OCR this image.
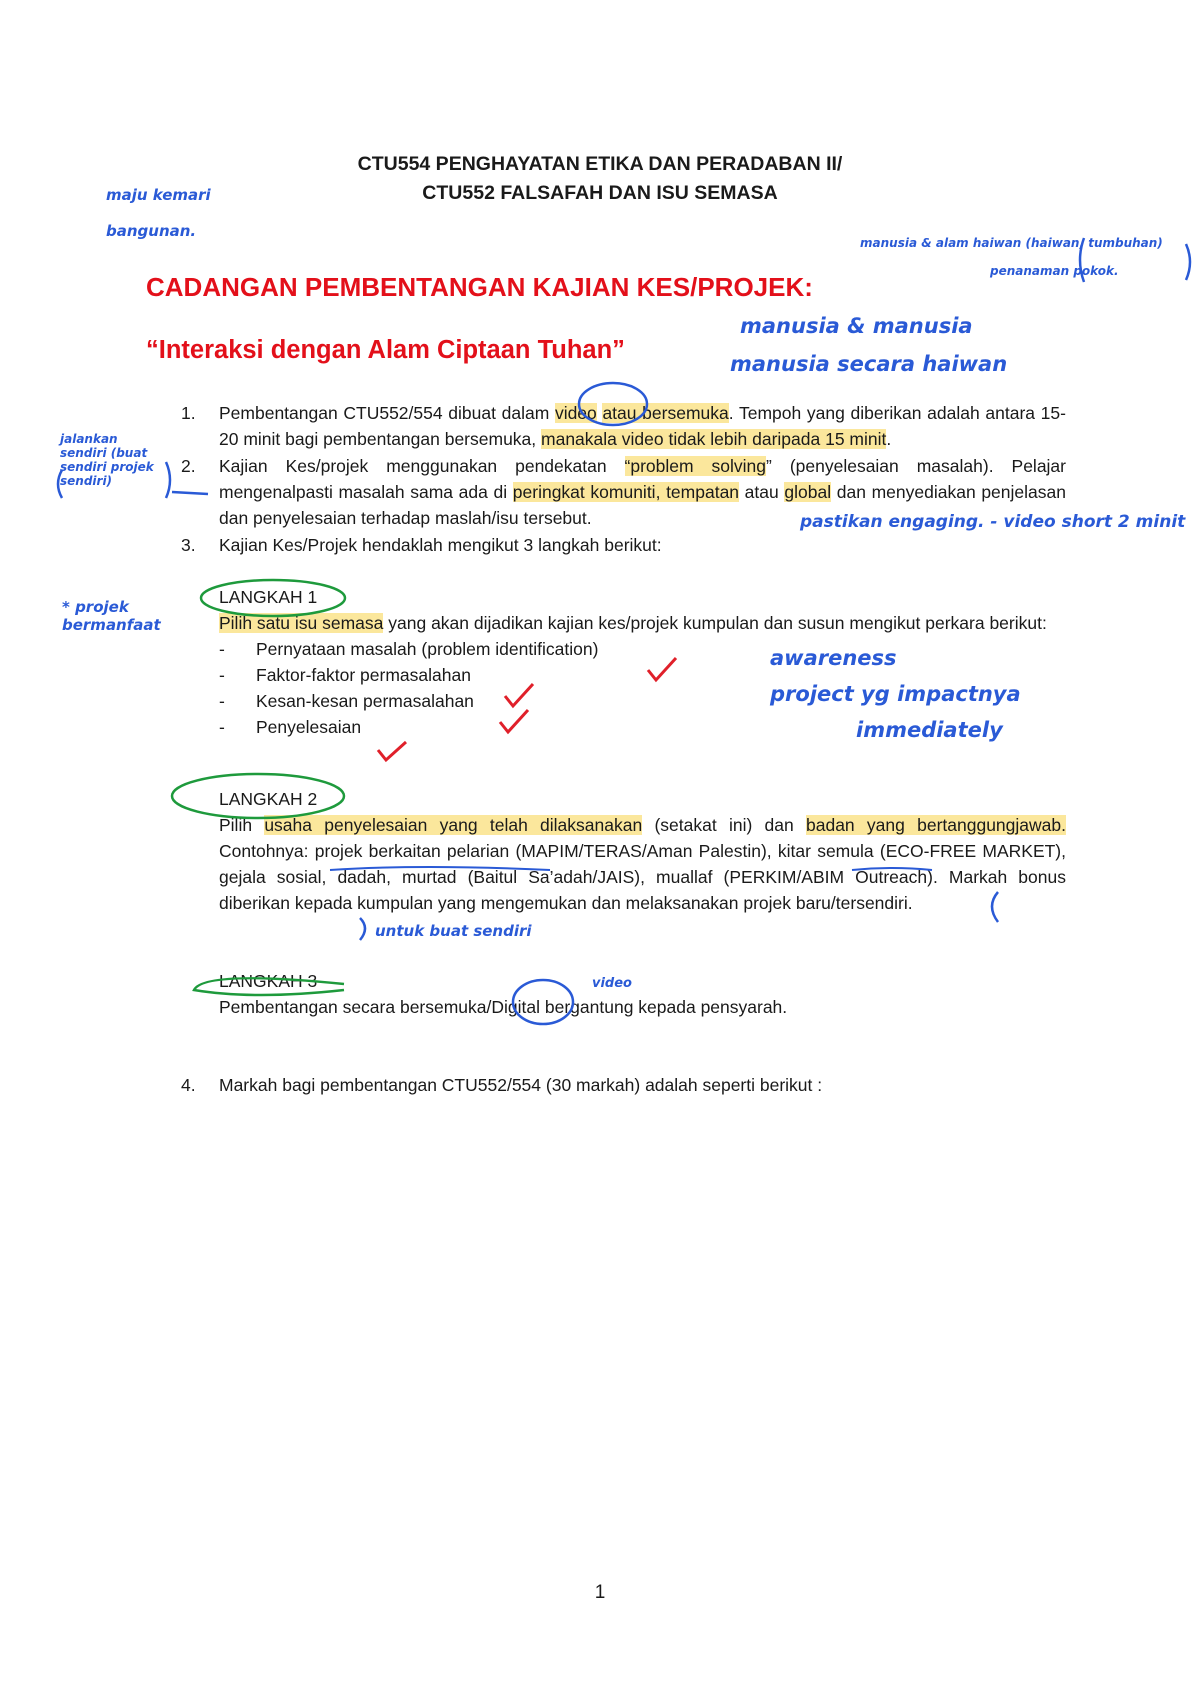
CTU554 PENGHAYATAN ETIKA DAN PERADABAN II/
CTU552 FALSAFAH DAN ISU SEMASA
CADANGAN PEMBENTANGAN KAJIAN KES/PROJEK:
“Interaksi dengan Alam Ciptaan Tuhan”
1.	Pembentangan CTU552/554 dibuat dalam video atau bersemuka. Tempoh yang diberikan adalah antara 15-20 minit bagi pembentangan bersemuka, manakala video tidak lebih daripada 15 minit.
2.	Kajian Kes/projek menggunakan pendekatan “problem solving” (penyelesaian masalah). Pelajar mengenalpasti masalah sama ada di peringkat komuniti, tempatan atau global dan menyediakan penjelasan dan penyelesaian terhadap maslah/isu tersebut.
3.	Kajian Kes/Projek hendaklah mengikut 3 langkah berikut:
LANGKAH 1
Pilih satu isu semasa yang akan dijadikan kajian kes/projek kumpulan dan susun mengikut perkara berikut:
- Pernyataan masalah (problem identification)
- Faktor-faktor permasalahan
- Kesan-kesan permasalahan
- Penyelesaian
LANGKAH 2
Pilih usaha penyelesaian yang telah dilaksanakan (setakat ini) dan badan yang bertanggungjawab. Contohnya: projek berkaitan pelarian (MAPIM/TERAS/Aman Palestin), kitar semula (ECO-FREE MARKET), gejala sosial, dadah, murtad (Baitul Sa’adah/JAIS), muallaf (PERKIM/ABIM Outreach). Markah bonus diberikan kepada kumpulan yang mengemukan dan melaksanakan projek baru/tersendiri.
LANGKAH 3
Pembentangan secara bersemuka/Digital bergantung kepada pensyarah.
4.	Markah bagi pembentangan CTU552/554 (30 markah) adalah seperti berikut :
1
maju kemari
bangunan.
manusia & alam haiwan (haiwan, tumbuhan)
penanaman pokok.
manusia & manusia
manusia secara haiwan
jalankan sendiri (buat sendiri projek sendiri)
pastikan engaging. - video short 2 minit
* projek bermanfaat
awareness
project yg impactnya
immediately
untuk buat sendiri
video
